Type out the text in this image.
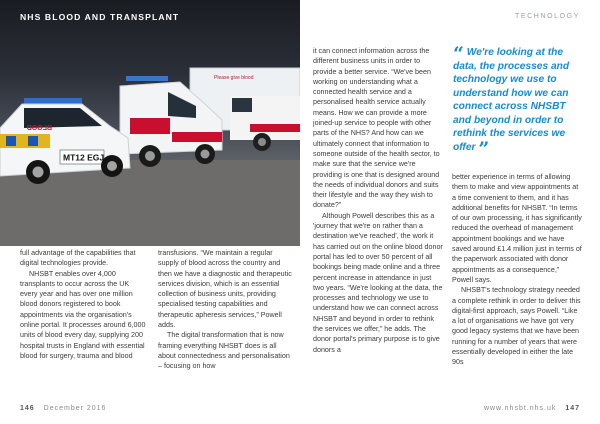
Please give blood
BLOOD
MT12 EGJ
NHS BLOOD AND TRANSPLANT	TECHNOLOGY

full advantage of the capabilities that digital technologies provide.

NHSBT enables over 4,000 transplants to occur across the UK every year and has over one million blood donors registered to book appointments via the organisation's online portal. It processes around 6,000 units of blood every day, supplying 200 hospital trusts in England with essential blood for surgery, trauma and blood

transfusions. “We maintain a regular supply of blood across the country and then we have a diagnostic and therapeutic services division, which is an essential collection of business units, providing specialised testing capabilities and therapeutic apheresis services,” Powell adds.

The digital transformation that is now framing everything NHSBT does is all about connectedness and personalisation – focusing on how

it can connect information across the different business units in order to provide a better service. “We've been working on understanding what a connected health service and a personalised health service actually means. How we can provide a more joined-up service to people with other parts of the NHS? And how can we ultimately connect that information to someone outside of the health sector, to make sure that the service we're providing is one that is designed around the needs of individual donors and suits their lifestyle and the way they wish to donate?”

Although Powell describes this as a 'journey that we're on rather than a destination we've reached', the work it has carried out on the online blood donor portal has led to over 50 percent of all bookings being made online and a three percent increase in attendance in just two years. “We're looking at the data, the processes and technology we use to understand how we can connect across NHSBT and beyond in order to rethink the services we offer,” he adds. The donor portal's primary purpose is to give donors a

“ We're looking at the data, the processes and technology we use to understand how we can connect across NHSBT and beyond in order to rethink the services we offer ”

better experience in terms of allowing them to make and view appointments at a time convenient to them, and it has additional benefits for NHSBT. “In terms of our own processing, it has significantly reduced the overhead of management appointment bookings and we have saved around £1.4 million just in terms of the paperwork associated with donor appointments as a consequence,” Powell says.

NHSBT's technology strategy needed a complete rethink in order to deliver this digital-first approach, says Powell. “Like a lot of organisations we have got very good legacy systems that we have been running for a number of years that were essentially developed in either the late 90s

146 December 2016	www.nhsbt.nhs.uk 147
